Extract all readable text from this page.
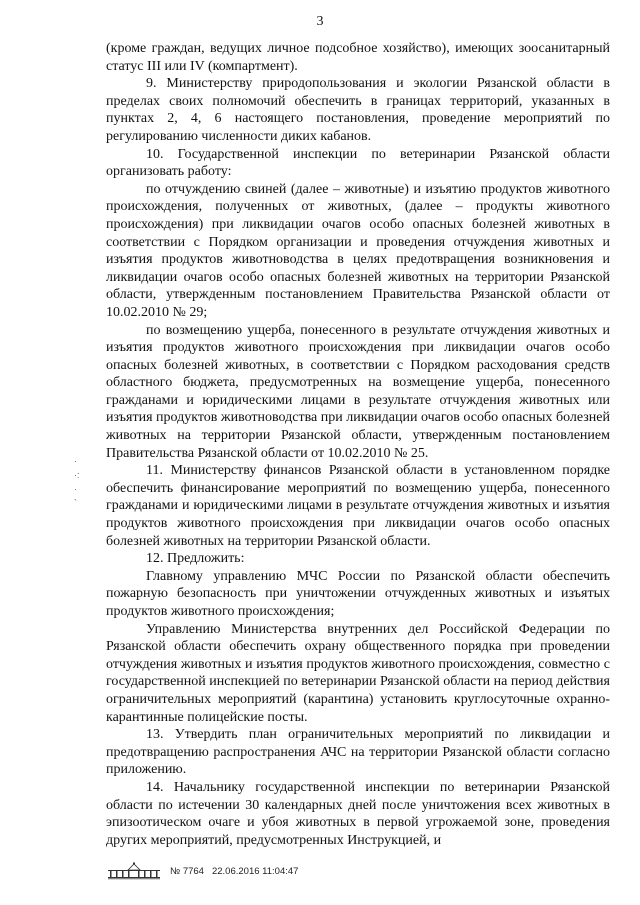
3
·
·:
·
`

(кроме граждан, ведущих личное подсобное хозяйство), имеющих зоосанитарный статус III или IV (компартмент).

9. Министерству природопользования и экологии Рязанской области в пределах своих полномочий обеспечить в границах территорий, указанных в пунктах 2, 4, 6 настоящего постановления, проведение мероприятий по регулированию численности диких кабанов.

10. Государственной инспекции по ветеринарии Рязанской области организовать работу:

по отчуждению свиней (далее – животные) и изъятию продуктов животного происхождения, полученных от животных, (далее – продукты животного происхождения) при ликвидации очагов особо опасных болезней животных в соответствии с Порядком организации и проведения отчуждения животных и изъятия продуктов животноводства в целях предотвращения возникновения и ликвидации очагов особо опасных болезней животных на территории Рязанской области, утвержденным постановлением Правительства Рязанской области от 10.02.2010 № 29;

по возмещению ущерба, понесенного в результате отчуждения животных и изъятия продуктов животного происхождения при ликвидации очагов особо опасных болезней животных, в соответствии с Порядком расходования средств областного бюджета, предусмотренных на возмещение ущерба, понесенного гражданами и юридическими лицами в результате отчуждения животных или изъятия продуктов животноводства при ликвидации очагов особо опасных болезней животных на территории Рязанской области, утвержденным постановлением Правительства Рязанской области от 10.02.2010 № 25.

11. Министерству финансов Рязанской области в установленном порядке обеспечить финансирование мероприятий по возмещению ущерба, понесенного гражданами и юридическими лицами в результате отчуждения животных и изъятия продуктов животного происхождения при ликвидации очагов особо опасных болезней животных на территории Рязанской области.

12. Предложить:

Главному управлению МЧС России по Рязанской области обеспечить пожарную безопасность при уничтожении отчужденных животных и изъятых продуктов животного происхождения;

Управлению Министерства внутренних дел Российской Федерации по Рязанской области обеспечить охрану общественного порядка при проведении отчуждения животных и изъятия продуктов животного происхождения, совместно с государственной инспекцией по ветеринарии Рязанской области на период действия ограничительных мероприятий (карантина) установить круглосуточные охранно-карантинные полицейские посты.

13. Утвердить план ограничительных мероприятий по ликвидации и предотвращению распространения АЧС на территории Рязанской области согласно приложению.

14. Начальнику государственной инспекции по ветеринарии Рязанской области по истечении 30 календарных дней после уничтожения всех животных в эпизоотическом очаге и убоя животных в первой угрожаемой зоне, проведения других мероприятий, предусмотренных Инструкцией, и

№ 7764 22.06.2016 11:04:47
